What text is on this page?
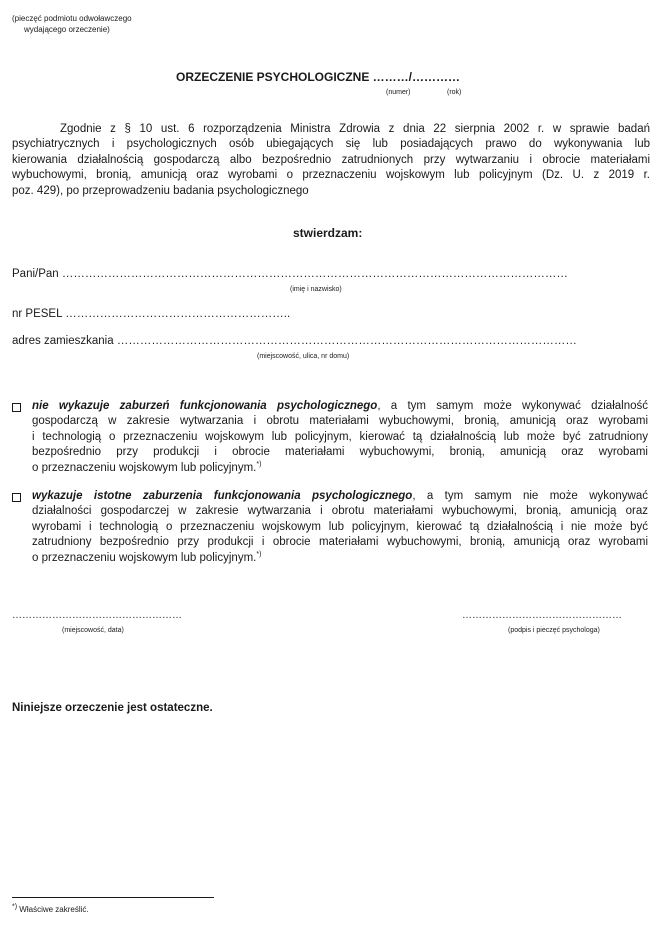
(pieczęć podmiotu odwoławczego
wydającego orzeczenie)
ORZECZENIE PSYCHOLOGICZNE ………/…………
(numer)	(rok)
Zgodnie z § 10 ust. 6 rozporządzenia Ministra Zdrowia z dnia 22 sierpnia 2002 r. w sprawie badań
psychiatrycznych i psychologicznych osób ubiegających się lub posiadających prawo do wykonywania lub
kierowania działalnością gospodarczą albo bezpośrednio zatrudnionych przy wytwarzaniu i obrocie materiałami
wybuchowymi, bronią, amunicją oraz wyrobami o przeznaczeniu wojskowym lub policyjnym (Dz. U. z 2019 r.
poz. 429), po przeprowadzeniu badania psychologicznego
stwierdzam:
Pani/Pan ……………………………………………………………………………………………………………………
(imię i nazwisko)
nr PESEL …………………………………………………..
adres zamieszkania …………………………………………………………………………………………………………
(miejscowość, ulica, nr domu)
nie wykazuje zaburzeń funkcjonowania psychologicznego, a tym samym może wykonywać działalność
gospodarczą w zakresie wytwarzania i obrotu materiałami wybuchowymi, bronią, amunicją oraz wyrobami
i technologią o przeznaczeniu wojskowym lub policyjnym, kierować tą działalnością lub może być zatrudniony
bezpośrednio przy produkcji i obrocie materiałami wybuchowymi, bronią, amunicją oraz wyrobami
o przeznaczeniu wojskowym lub policyjnym.*)
wykazuje istotne zaburzenia funkcjonowania psychologicznego, a tym samym nie może wykonywać
działalności gospodarczej w zakresie wytwarzania i obrotu materiałami wybuchowymi, bronią, amunicją oraz
wyrobami i technologią o przeznaczeniu wojskowym lub policyjnym, kierować tą działalnością i nie może być
zatrudniony bezpośrednio przy produkcji i obrocie materiałami wybuchowymi, bronią, amunicją oraz wyrobami
o przeznaczeniu wojskowym lub policyjnym.*)
……………………………………………
(miejscowość, data)
…………………………………………
(podpis i pieczęć psychologa)
Niniejsze orzeczenie jest ostateczne.
*) Właściwe zakreślić.
